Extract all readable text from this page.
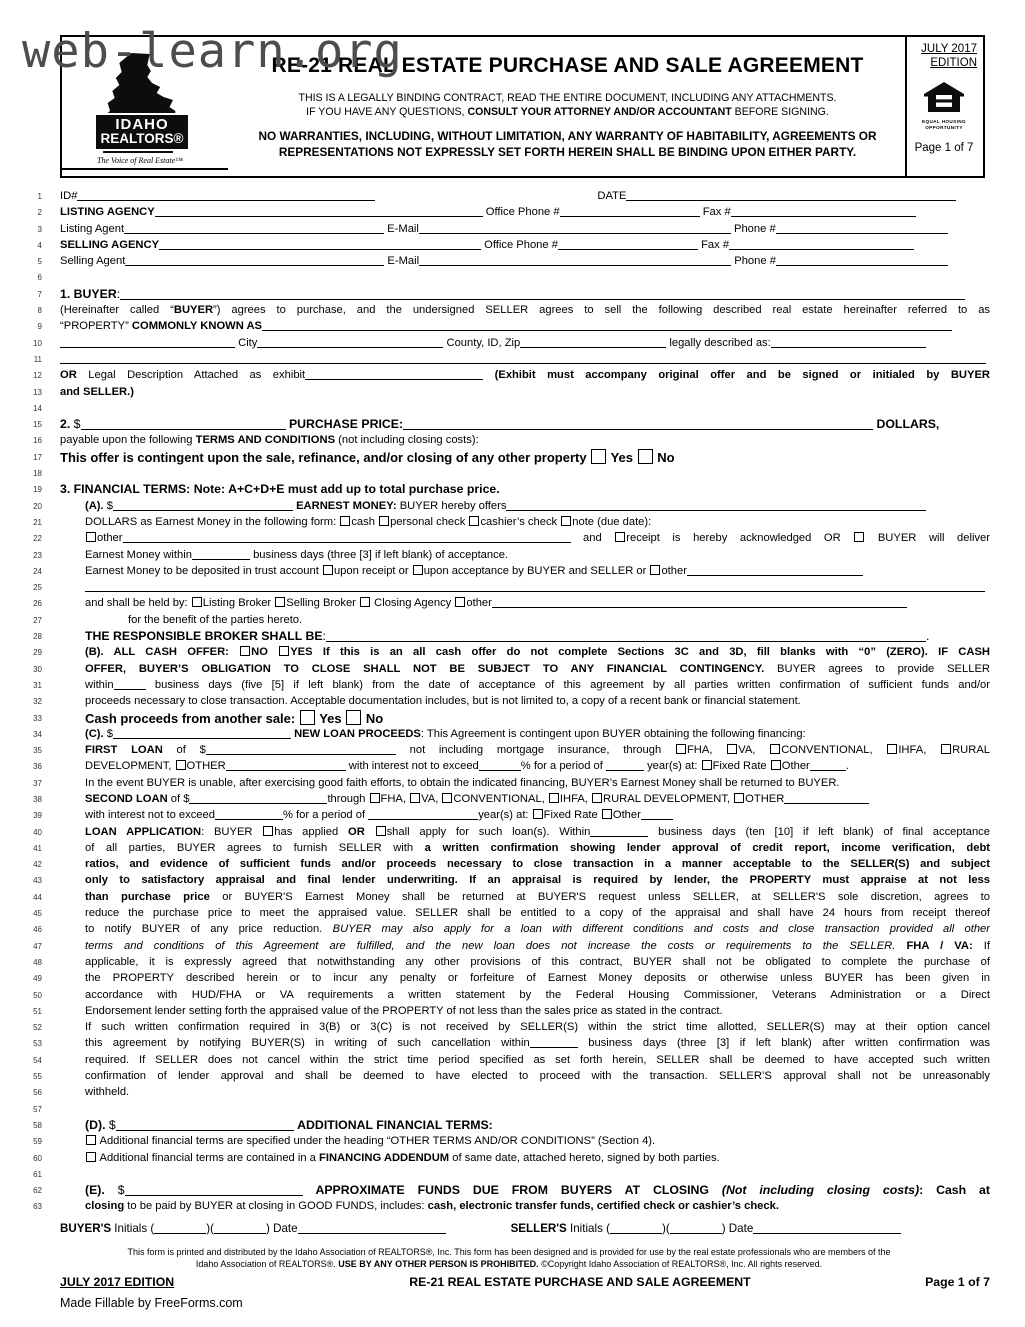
web-learn.org
IDAHO
REALTORS®
The Voice of Real Estate™
RE-21 REAL ESTATE PURCHASE AND SALE AGREEMENT
THIS IS A LEGALLY BINDING CONTRACT, READ THE ENTIRE DOCUMENT, INCLUDING ANY ATTACHMENTS.
IF YOU HAVE ANY QUESTIONS, CONSULT YOUR ATTORNEY AND/OR ACCOUNTANT BEFORE SIGNING.
NO WARRANTIES, INCLUDING, WITHOUT LIMITATION, ANY WARRANTY OF HABITABILITY, AGREEMENTS OR REPRESENTATIONS NOT EXPRESSLY SET FORTH HEREIN SHALL BE BINDING UPON EITHER PARTY.
JULY 2017
EDITION
EQUAL HOUSING
OPPORTUNITY
Page 1 of 7
1 ID#	DATE
2 LISTING AGENCY	Office Phone #	Fax #
3 Listing Agent	E-Mail	Phone #
4 SELLING AGENCY	Office Phone #	Fax #
5 Selling Agent	E-Mail	Phone #
6
7 1. BUYER:
8 (Hereinafter called “BUYER”) agrees to purchase, and the undersigned SELLER agrees to sell the following described real estate hereinafter referred to as
9 “PROPERTY” COMMONLY KNOWN AS
10	City	County, ID, Zip	legally described as:
11
12 OR Legal Description Attached as exhibit	(Exhibit must accompany original offer and be signed or initialed by BUYER
13 and SELLER.)
14
15 2. $	PURCHASE PRICE:	DOLLARS,
16 payable upon the following TERMS AND CONDITIONS (not including closing costs):
17 This offer is contingent upon the sale, refinance, and/or closing of any other property  Yes  No
18
19 3. FINANCIAL TERMS: Note: A+C+D+E must add up to total purchase price.
20	(A). $	EARNEST MONEY: BUYER hereby offers
21	DOLLARS as Earnest Money in the following form: cash personal check cashier’s check note (due date):
22	other	and receipt is hereby acknowledged OR  BUYER will deliver
23	Earnest Money within	business days (three [3] if left blank) of acceptance.
24	Earnest Money to be deposited in trust account upon receipt or upon acceptance by BUYER and SELLER or other
25
26	and shall be held by: Listing Broker Selling Broker  Closing Agency other
27	for the benefit of the parties hereto.
28	THE RESPONSIBLE BROKER SHALL BE:	.
29	(B). ALL CASH OFFER: NO YES If this is an all cash offer do not complete Sections 3C and 3D, fill blanks with “0” (ZERO). IF CASH
30	OFFER, BUYER’S OBLIGATION TO CLOSE SHALL NOT BE SUBJECT TO ANY FINANCIAL CONTINGENCY. BUYER agrees to provide SELLER
31	within	business days (five [5] if left blank) from the date of acceptance of this agreement by all parties written confirmation of sufficient funds and/or
32	proceeds necessary to close transaction. Acceptable documentation includes, but is not limited to, a copy of a recent bank or financial statement.
33	Cash proceeds from another sale:  Yes  No
34	(C). $	NEW LOAN PROCEEDS: This Agreement is contingent upon BUYER obtaining the following financing:
35	FIRST LOAN of $	not including mortgage insurance, through FHA, VA, CONVENTIONAL, IHFA, RURAL
36	DEVELOPMENT, OTHER	with interest not to exceed	% for a period of	year(s) at: Fixed Rate Other	.
37	In the event BUYER is unable, after exercising good faith efforts, to obtain the indicated financing, BUYER’s Earnest Money shall be returned to BUYER.
38	SECOND LOAN of $	through FHA, VA, CONVENTIONAL, IHFA, RURAL DEVELOPMENT, OTHER
39	with interest not to exceed	% for a period of	year(s) at: Fixed Rate Other
40	LOAN APPLICATION: BUYER has applied OR shall apply for such loan(s). Within	business days (ten [10] if left blank) of final acceptance
41	of all parties, BUYER agrees to furnish SELLER with a written confirmation showing lender approval of credit report, income verification, debt
42	ratios, and evidence of sufficient funds and/or proceeds necessary to close transaction in a manner acceptable to the SELLER(S) and subject
43	only to satisfactory appraisal and final lender underwriting. If an appraisal is required by lender, the PROPERTY must appraise at not less
44	than purchase price or BUYER'S Earnest Money shall be returned at BUYER'S request unless SELLER, at SELLER'S sole discretion, agrees to
45	reduce the purchase price to meet the appraised value. SELLER shall be entitled to a copy of the appraisal and shall have 24 hours from receipt thereof
46	to notify BUYER of any price reduction. BUYER may also apply for a loan with different conditions and costs and close transaction provided all other
47	terms and conditions of this Agreement are fulfilled, and the new loan does not increase the costs or requirements to the SELLER. FHA / VA: If
48	applicable, it is expressly agreed that notwithstanding any other provisions of this contract, BUYER shall not be obligated to complete the purchase of
49	the PROPERTY described herein or to incur any penalty or forfeiture of Earnest Money deposits or otherwise unless BUYER has been given in
50	accordance with HUD/FHA or VA requirements a written statement by the Federal Housing Commissioner, Veterans Administration or a Direct
51	Endorsement lender setting forth the appraised value of the PROPERTY of not less than the sales price as stated in the contract.
52	If such written confirmation required in 3(B) or 3(C) is not received by SELLER(S) within the strict time allotted, SELLER(S) may at their option cancel
53	this agreement by notifying BUYER(S) in writing of such cancellation within	business days (three [3] if left blank) after written confirmation was
54	required. If SELLER does not cancel within the strict time period specified as set forth herein, SELLER shall be deemed to have accepted such written
55	confirmation of lender approval and shall be deemed to have elected to proceed with the transaction. SELLER’S approval shall not be unreasonably
56	withheld.
57
58	(D). $	ADDITIONAL FINANCIAL TERMS:
59	Additional financial terms are specified under the heading “OTHER TERMS AND/OR CONDITIONS” (Section 4).
60	Additional financial terms are contained in a FINANCING ADDENDUM of same date, attached hereto, signed by both parties.
61
62	(E). $	APPROXIMATE FUNDS DUE FROM BUYERS AT CLOSING (Not including closing costs): Cash at
63	closing to be paid by BUYER at closing in GOOD FUNDS, includes: cash, electronic transfer funds, certified check or cashier’s check.
BUYER'S Initials (	)(	) Date	SELLER'S Initials (	)(	) Date
This form is printed and distributed by the Idaho Association of REALTORS®, Inc. This form has been designed and is provided for use by the real estate professionals who are members of the
Idaho Association of REALTORS®. USE BY ANY OTHER PERSON IS PROHIBITED. ©Copyright Idaho Association of REALTORS®, Inc. All rights reserved.
JULY 2017 EDITION	RE-21 REAL ESTATE PURCHASE AND SALE AGREEMENT	Page 1 of 7
Made Fillable by FreeForms.com
